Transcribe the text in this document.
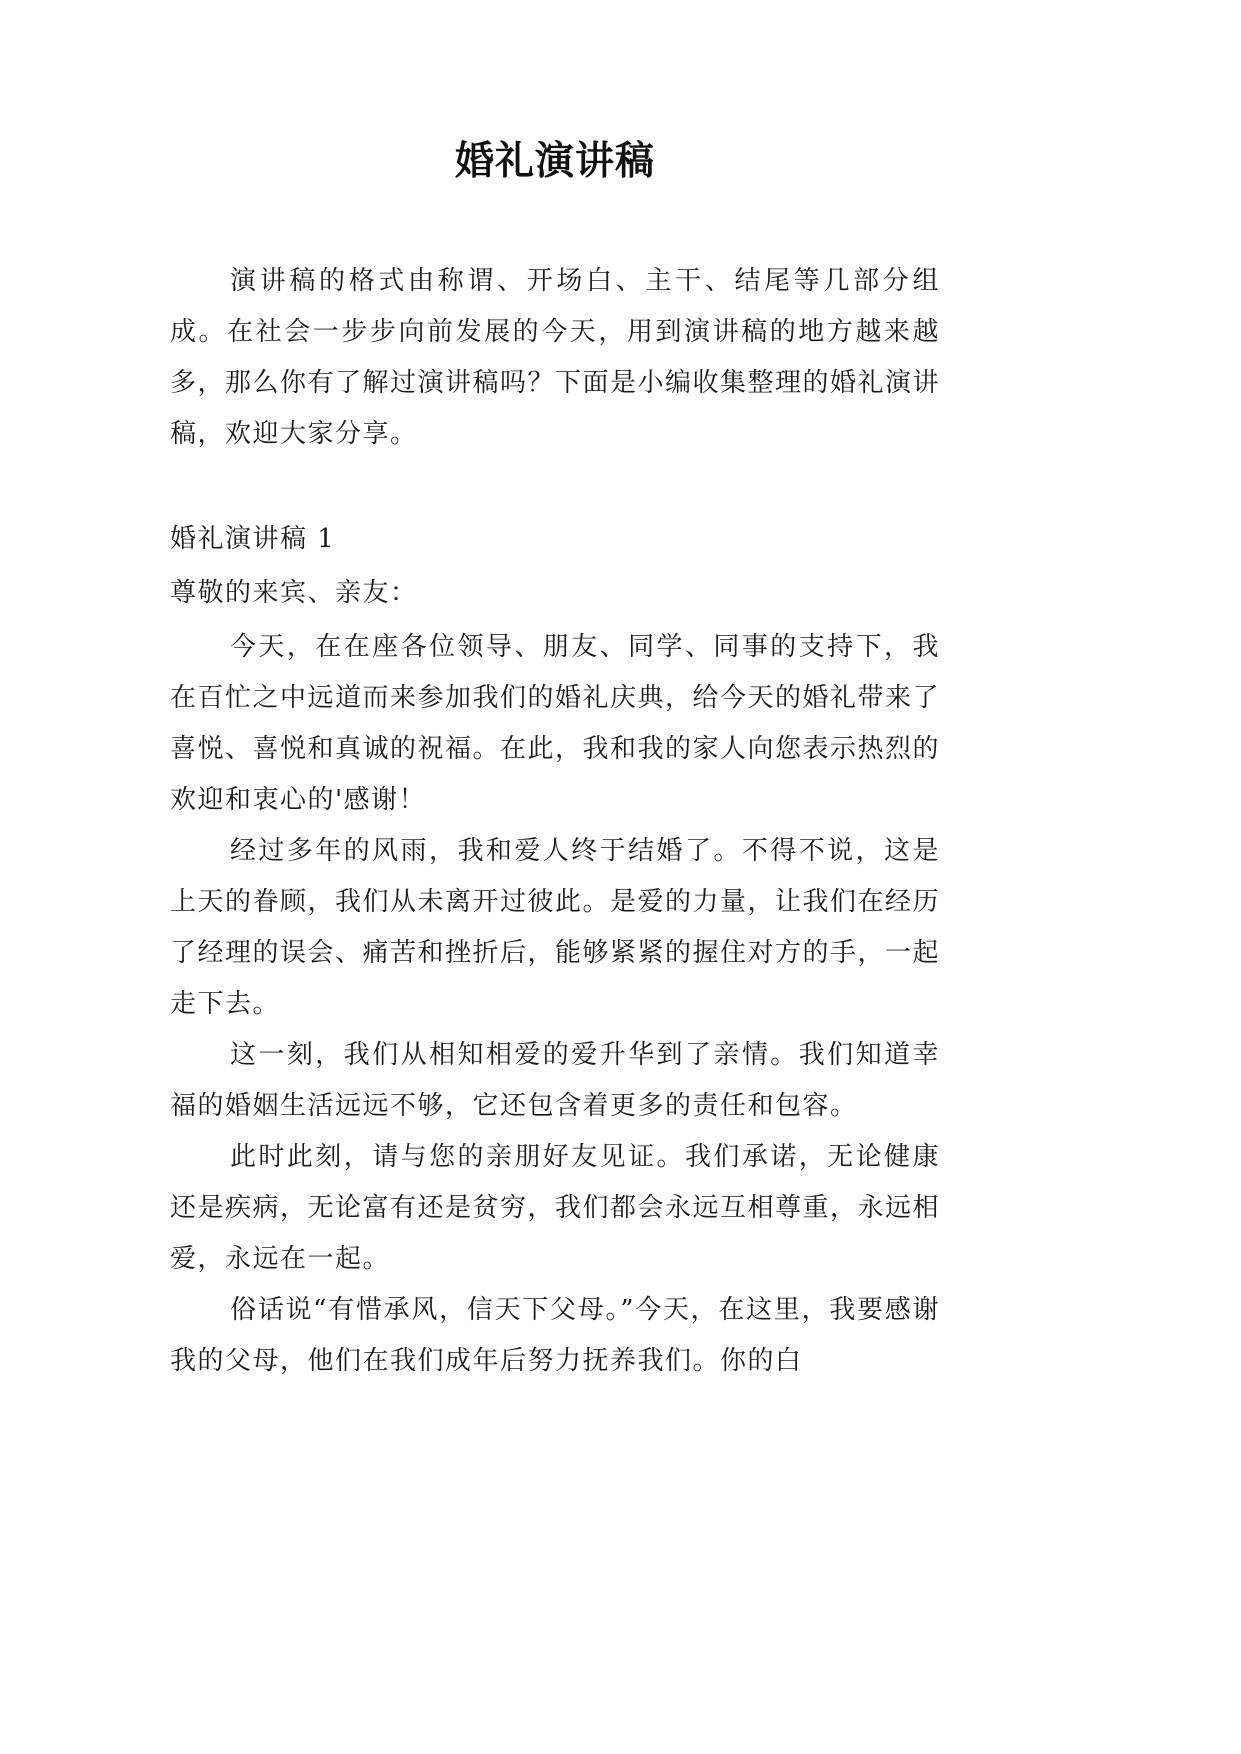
婚礼演讲稿

演讲稿的格式由称谓、开场白、主干、结尾等几部分组成。在社会一步步向前发展的今天，用到演讲稿的地方越来越多，那么你有了解过演讲稿吗？下面是小编收集整理的婚礼演讲稿，欢迎大家分享。

婚礼演讲稿 1
尊敬的来宾、亲友：

今天，在在座各位领导、朋友、同学、同事的支持下，我在百忙之中远道而来参加我们的婚礼庆典，给今天的婚礼带来了喜悦、喜悦和真诚的祝福。在此，我和我的家人向您表示热烈的欢迎和衷心的'感谢！

经过多年的风雨，我和爱人终于结婚了。不得不说，这是上天的眷顾，我们从未离开过彼此。是爱的力量，让我们在经历了经理的误会、痛苦和挫折后，能够紧紧的握住对方的手，一起走下去。

这一刻，我们从相知相爱的爱升华到了亲情。我们知道幸福的婚姻生活远远不够，它还包含着更多的责任和包容。

此时此刻，请与您的亲朋好友见证。我们承诺，无论健康还是疾病，无论富有还是贫穷，我们都会永远互相尊重，永远相爱，永远在一起。

俗话说“有惜承风，信天下父母。”今天，在这里，我要感谢我的父母，他们在我们成年后努力抚养我们。你的白
